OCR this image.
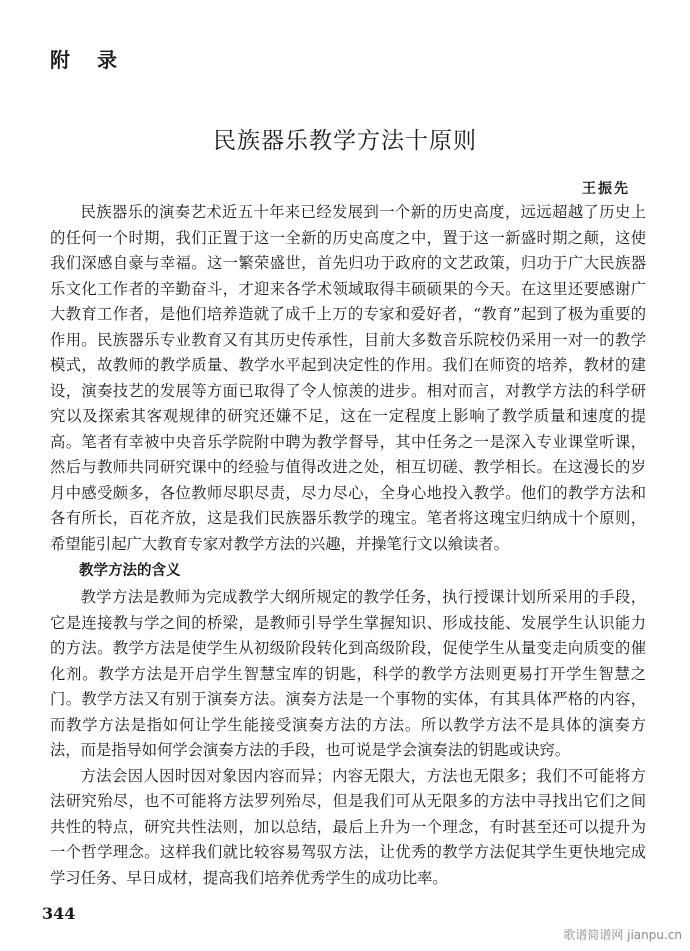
附 录
民族器乐教学方法十原则
王振先

民族器乐的演奏艺术近五十年来已经发展到一个新的历史高度，远远超越了历史上的任何一个时期，我们正置于这一全新的历史高度之中，置于这一新盛时期之颠，这使我们深感自豪与幸福。这一繁荣盛世，首先归功于政府的文艺政策，归功于广大民族器乐文化工作者的辛勤奋斗，才迎来各学术领域取得丰硕硕果的今天。在这里还要感谢广大教育工作者，是他们培养造就了成千上万的专家和爱好者，“教育”起到了极为重要的作用。民族器乐专业教育又有其历史传承性，目前大多数音乐院校仍采用一对一的教学模式，故教师的教学质量、教学水平起到决定性的作用。我们在师资的培养，教材的建设，演奏技艺的发展等方面已取得了令人惊羡的进步。相对而言，对教学方法的科学研究以及探索其客观规律的研究还嫌不足，这在一定程度上影响了教学质量和速度的提高。笔者有幸被中央音乐学院附中聘为教学督导，其中任务之一是深入专业课堂听课，然后与教师共同研究课中的经验与值得改进之处，相互切磋、教学相长。在这漫长的岁月中感受颇多，各位教师尽职尽责，尽力尽心，全身心地投入教学。他们的教学方法和各有所长，百花齐放，这是我们民族器乐教学的瑰宝。笔者将这瑰宝归纳成十个原则，希望能引起广大教育专家对教学方法的兴趣，并操笔行文以飨读者。

教学方法的含义

教学方法是教师为完成教学大纲所规定的教学任务，执行授课计划所采用的手段，它是连接教与学之间的桥梁，是教师引导学生掌握知识、形成技能、发展学生认识能力的方法。教学方法是使学生从初级阶段转化到高级阶段，促使学生从量变走向质变的催化剂。教学方法是开启学生智慧宝库的钥匙，科学的教学方法则更易打开学生智慧之门。教学方法又有别于演奏方法。演奏方法是一个事物的实体，有其具体严格的内容，而教学方法是指如何让学生能接受演奏方法的方法。所以教学方法不是具体的演奏方法，而是指导如何学会演奏方法的手段，也可说是学会演奏法的钥匙或诀窍。

方法会因人因时因对象因内容而异；内容无限大，方法也无限多；我们不可能将方法研究殆尽，也不可能将方法罗列殆尽，但是我们可从无限多的方法中寻找出它们之间共性的特点，研究共性法则，加以总结，最后上升为一个理念，有时甚至还可以提升为一个哲学理念。这样我们就比较容易驾驭方法，让优秀的教学方法促其学生更快地完成学习任务、早日成材，提高我们培养优秀学生的成功比率。

344
歌谱简谱网 jianpu.cn
